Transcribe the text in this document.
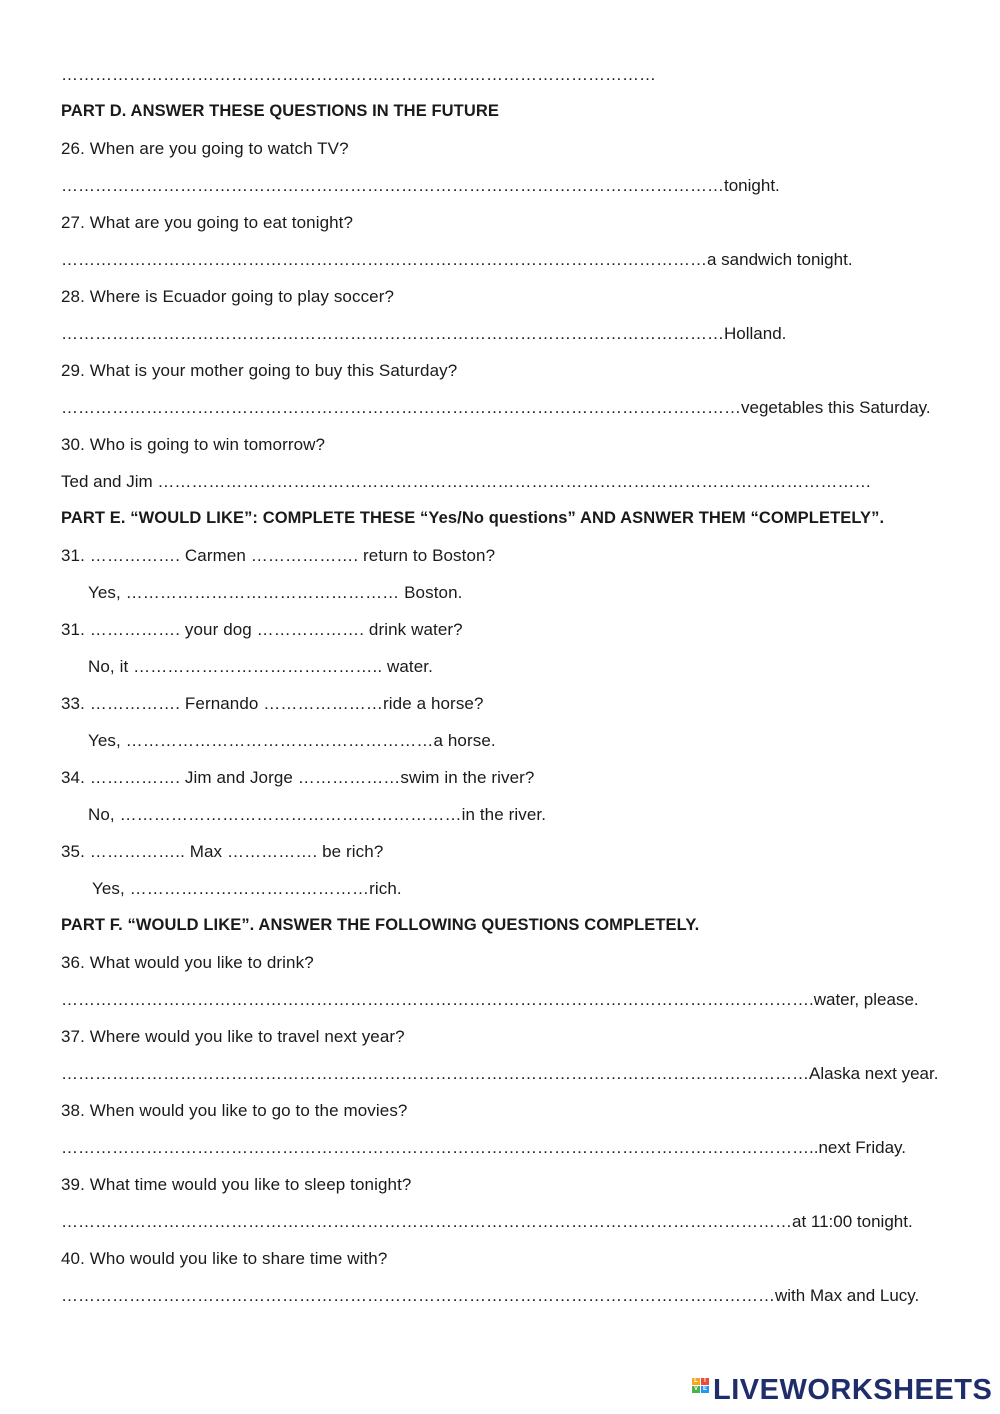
……………………………………………………………………………………………
PART D. ANSWER THESE QUESTIONS IN THE FUTURE
26. When are you going to watch TV?
………………………………………………………………………………………………………tonight.
27. What are you going to eat tonight?
……………………………………………………………………………………………………a sandwich tonight.
28. Where is Ecuador going to play soccer?
………………………………………………………………………………………………………Holland.
29. What is your mother going to buy this Saturday?
…………………………………………………………………………………………………………vegetables this Saturday.
30. Who is going to win tomorrow?
Ted and Jim ………………………………………………………………………………………………………………
PART E. “WOULD LIKE”: COMPLETE THESE “Yes/No questions” AND ASNWER THEM “COMPLETELY”.
31. ……………. Carmen ………………. return to Boston?
Yes, ………………………………………… Boston.
31. ……………. your dog ………………. drink water?
No, it …………………………………….. water.
33. ……………. Fernando …………………ride a horse?
Yes, ………………………………………………a horse.
34. ……………. Jim and Jorge ………………swim in the river?
No, ……………………………………………………in the river.
35. …………….. Max ……………. be rich?
Yes, ……………………………………rich.
PART F. “WOULD LIKE”. ANSWER THE FOLLOWING QUESTIONS COMPLETELY.
36. What would you like to drink?
…………………………………………………………………………………………………………………….water, please.
37. Where would you like to travel next year?
……………………………………………………………………………………………………………………Alaska next year.
38. When would you like to go to the movies?
……………………………………………………………………………………………………………………..next Friday.
39. What time would you like to sleep tonight?
…………………………………………………………………………………………………………………at 11:00 tonight.
40. Who would you like to share time with?
………………………………………………………………………………………………………………with Max and Lucy.
L	I
V E LIVEWORKSHEETS
